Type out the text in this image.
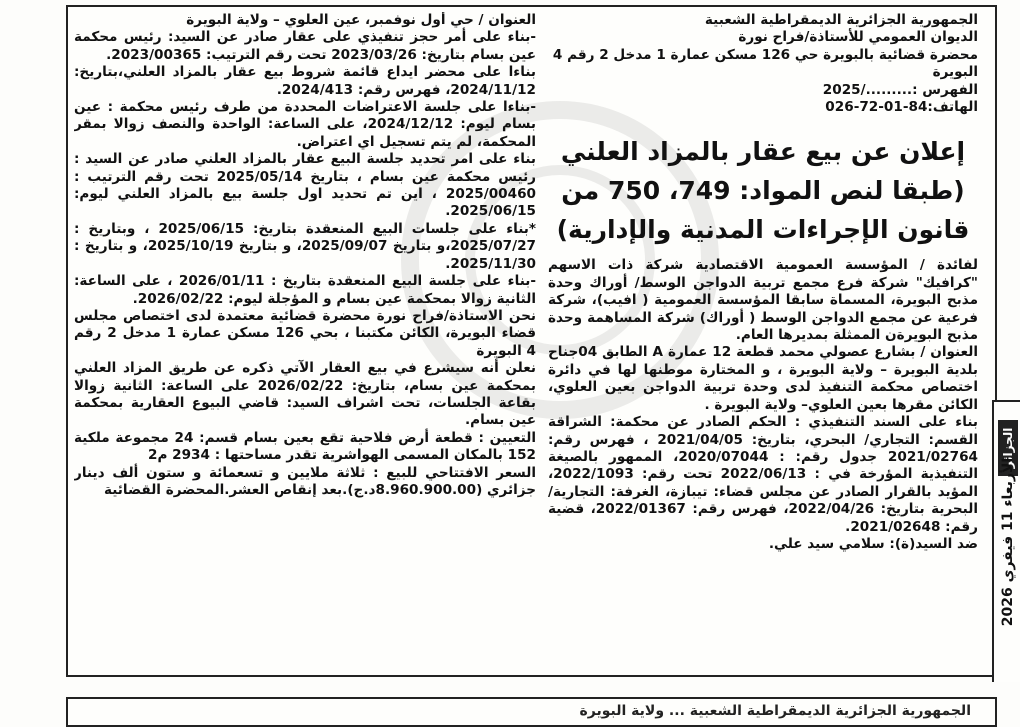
الجمهورية الجزائرية الديمقراطية الشعبية

الديوان العمومي للأستاذة/فراح نورة

محضرة قضائية بالبويرة حي 126 مسكن عمارة 1 مدخل 2 رقم 4 البويرة

الفهرس :........./2025

الهاتف:84-01-72-026

إعلان عن بيع عقار بالمزاد العلني

(طبقا لنص المواد: 749، 750 من

قانون الإجراءات المدنية والإدارية)

لفائدة / المؤسسة العمومية الاقتصادية شركة ذات الاسهم "كرافيك" شركة فرع مجمع تربية الدواجن الوسط/ أوراك وحدة مذبح البويرة، المسماة سابقا المؤسسة العمومية ( افيب)، شركة فرعية عن مجمع الدواجن الوسط ( أوراك) شركة المساهمة وحدة مذبح البويرةن الممثلة بمديرها العام.

العنوان / بشارع عصولي محمد قطعة 12 عمارة A الطابق 04جناح بلدية البويرة – ولاية البويرة ، و المختارة موطنها لها في دائرة اختصاص محكمة التنفيذ لدى وحدة تربية الدواجن بعين العلوي، الكائن مقرها بعين العلوي– ولاية البويرة .

بناء على السند التنفيذي : الحكم الصادر عن محكمة: الشراقة القسم: التجاري/ البحري، بتاريخ: 2021/04/05 ، فهرس رقم: 2021/02764 جدول رقم: : 2020/07044، الممهور بالصيغة التنفيذية المؤرخة في : 2022/06/13 تحت رقم: 2022/1093، المؤيد بالقرار الصادر عن مجلس قضاء: تيبازة، الغرفة: التجارية/البحرية بتاريخ: 2022/04/26، فهرس رقم: 2022/01367، قضية رقم: 2021/02648.

ضد السيد(ة): سلامي سيد علي.

العنوان / حي أول نوفمبر، عين العلوي – ولاية البويرة

-بناء على أمر حجز تنفيذي على عقار صادر عن السيد: رئيس محكمة عين بسام بتاريخ: 2023/03/26 تحت رقم الترتيب: 2023/00365.

بناءا على محضر ايداع قائمة شروط بيع عقار بالمزاد العلني،بتاريخ: 2024/11/12، فهرس رقم: 2024/413.

-بناءا على جلسة الاعتراضات المحددة من طرف رئيس محكمة : عين بسام ليوم: 2024/12/12، على الساعة: الواحدة والنصف زوالا بمقر المحكمة، لم يتم تسجيل اي اعتراض.

بناء على امر تحديد جلسة البيع عقار بالمزاد العلني صادر عن السيد : رئيس محكمة عين بسام ، بتاريخ 2025/05/14 تحت رقم الترتيب : 2025/00460 ، اين تم تحديد اول جلسة بيع بالمزاد العلني ليوم: 2025/06/15.

*بناء على جلسات البيع المنعقدة بتاريخ: 2025/06/15 ، وبتاريخ : 2025/07/27،و بتاريخ 2025/09/07، و بتاريخ 2025/10/19، و بتاريخ : 2025/11/30.

-بناء على جلسة البيع المنعقدة بتاريخ : 2026/01/11 ، على الساعة: الثانية زوالا بمحكمة عين بسام و المؤجلة ليوم: 2026/02/22.

نحن الاستاذة/فراح نورة محضرة قضائية معتمدة لدى اختصاص مجلس قضاء البويرة، الكائن مكتبنا ، بحي 126 مسكن عمارة 1 مدخل 2 رقم 4 البويرة

نعلن أنه سيشرع في بيع العقار الآتي ذكره عن طريق المزاد العلني بمحكمة عين بسام، بتاريخ: 2026/02/22 على الساعة: الثانية زوالا بقاعة الجلسات، تحت اشراف السيد: قاضي البيوع العقارية بمحكمة عين بسام.

التعيين : قطعة أرض فلاحية تقع بعين بسام قسم: 24 مجموعة ملكية 152 بالمكان المسمى الهواشرية تقدر مساحتها : 2934 م2

السعر الافتتاحي للبيع : ثلاثة ملايين و تسعمائة و ستون ألف دينار جزائري (8.960.900.00د.ج).بعد إنقاص العشر.المحضرة القضائية

الجزائر
الأربعاء 11 فيفري 2026
الجمهورية الجزائرية الديمقراطية الشعبية ... ولاية البويرة
